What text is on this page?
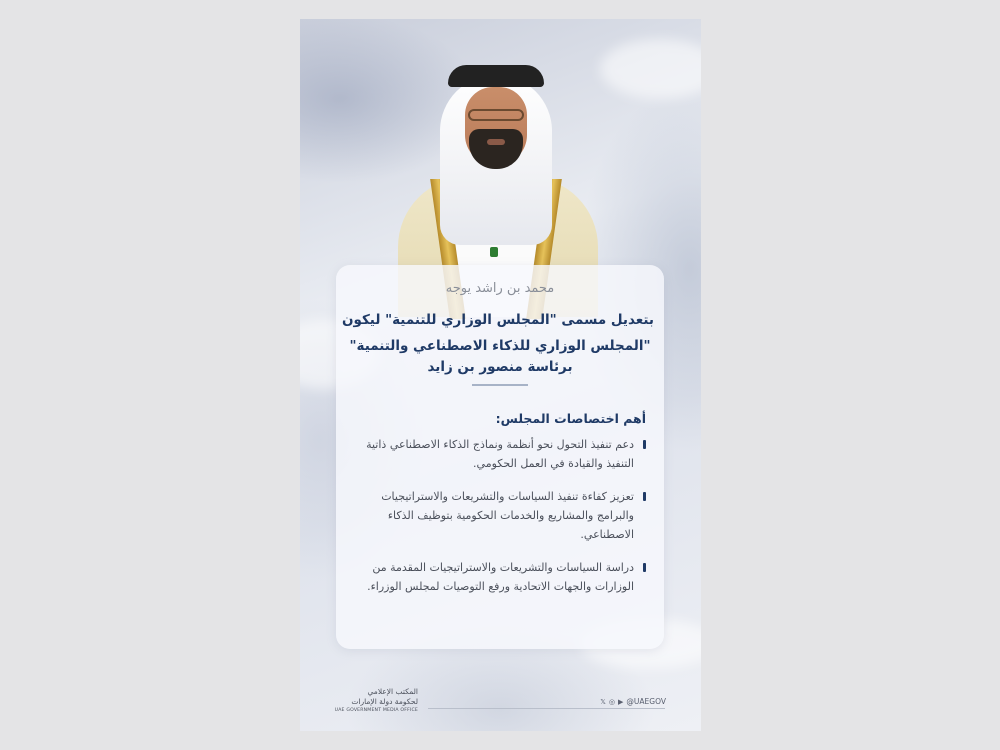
محمد بن راشد يوجه
بتعديل مسمى "المجلس الوزاري للتنمية" ليكون
"المجلس الوزاري للذكاء الاصطناعي والتنمية"
برئاسة منصور بن زايد
أهم اختصاصات المجلس:
دعم تنفيذ التحول نحو أنظمة ونماذج الذكاء الاصطناعي ذاتية التنفيذ والقيادة في العمل الحكومي.
تعزيز كفاءة تنفيذ السياسات والتشريعات والاستراتيجيات والبرامج والمشاريع والخدمات الحكومية بتوظيف الذكاء الاصطناعي.
دراسة السياسات والتشريعات والاستراتيجيات المقدمة من الوزارات والجهات الاتحادية ورفع التوصيات لمجلس الوزراء.
المكتب الإعلامي
لحكومة دولة الإمارات
UAE GOVERNMENT MEDIA OFFICE
𝕏 ◎ ▶ @UAEGOV
